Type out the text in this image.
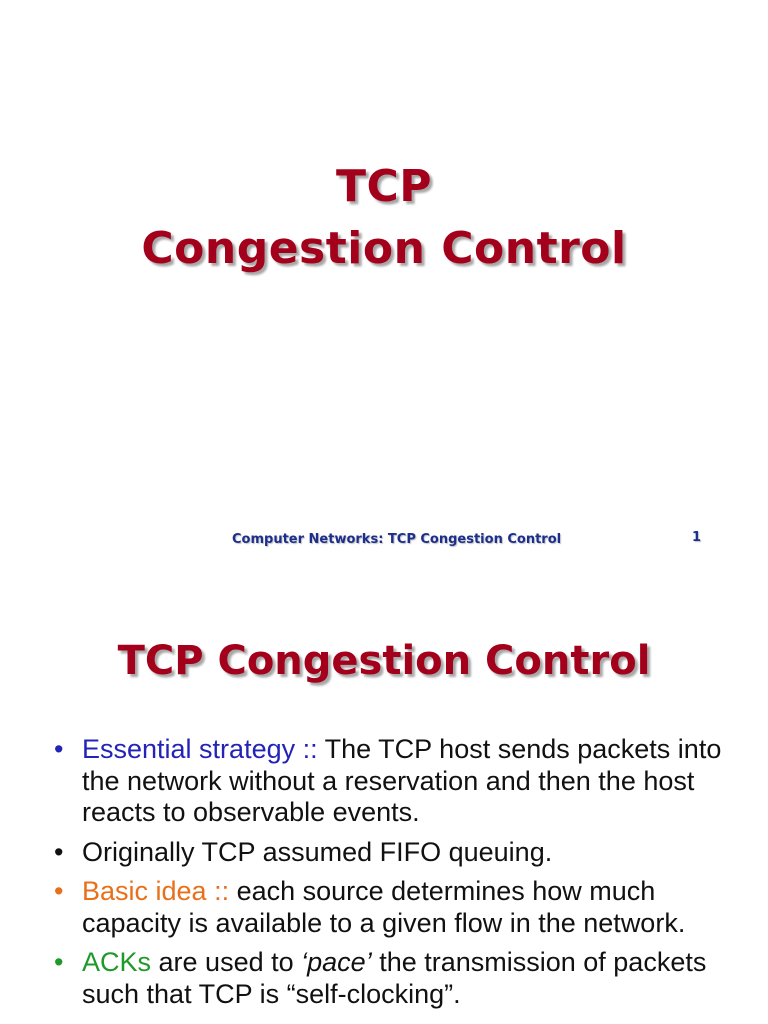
TCP
Congestion Control
Computer Networks: TCP Congestion Control	1
TCP Congestion Control
• Essential strategy :: The TCP host sends packets into the network without a reservation and then the host reacts to observable events.
• Originally TCP assumed FIFO queuing.
• Basic idea :: each source determines how much capacity is available to a given flow in the network.
• ACKs are used to ‘pace’ the transmission of packets such that TCP is “self-clocking”.
